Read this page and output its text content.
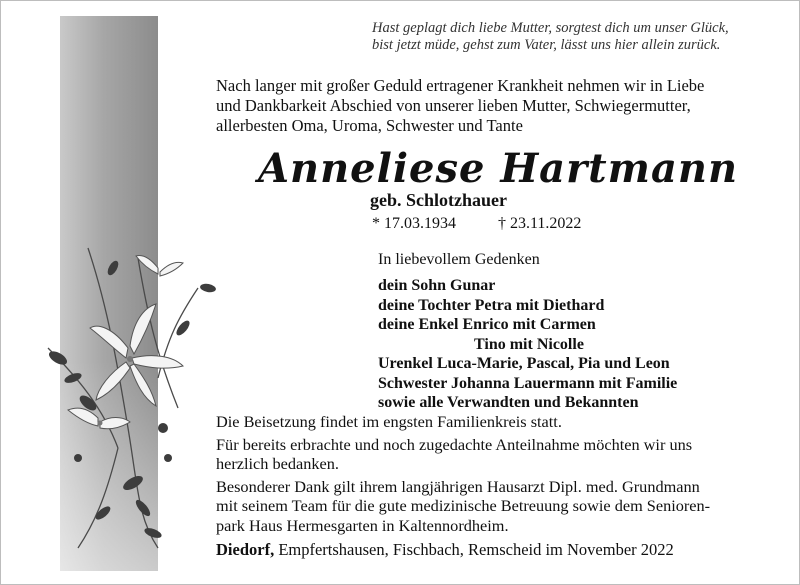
Hast geplagt dich liebe Mutter, sorgtest dich um unser Glück,
bist jetzt müde, gehst zum Vater, lässt uns hier allein zurück.
Nach langer mit großer Geduld ertragener Krankheit nehmen wir in Liebe
und Dankbarkeit Abschied von unserer lieben Mutter, Schwiegermutter,
allerbesten Oma, Uroma, Schwester und Tante
Anneliese Hartmann
geb. Schlotzhauer
* 17.03.1934	† 23.11.2022
In liebevollem Gedenken
dein Sohn Gunar
deine Tochter Petra mit Diethard
deine Enkel Enrico mit Carmen
Tino mit Nicolle
Urenkel Luca-Marie, Pascal, Pia und Leon
Schwester Johanna Lauermann mit Familie
sowie alle Verwandten und Bekannten

Die Beisetzung findet im engsten Familienkreis statt.

Für bereits erbrachte und noch zugedachte Anteilnahme möchten wir uns
herzlich bedanken.

Besonderer Dank gilt ihrem langjährigen Hausarzt Dipl. med. Grundmann
mit seinem Team für die gute medizinische Betreuung sowie dem Senioren-
park Haus Hermesgarten in Kaltennordheim.

Diedorf, Empfertshausen, Fischbach, Remscheid im November 2022
